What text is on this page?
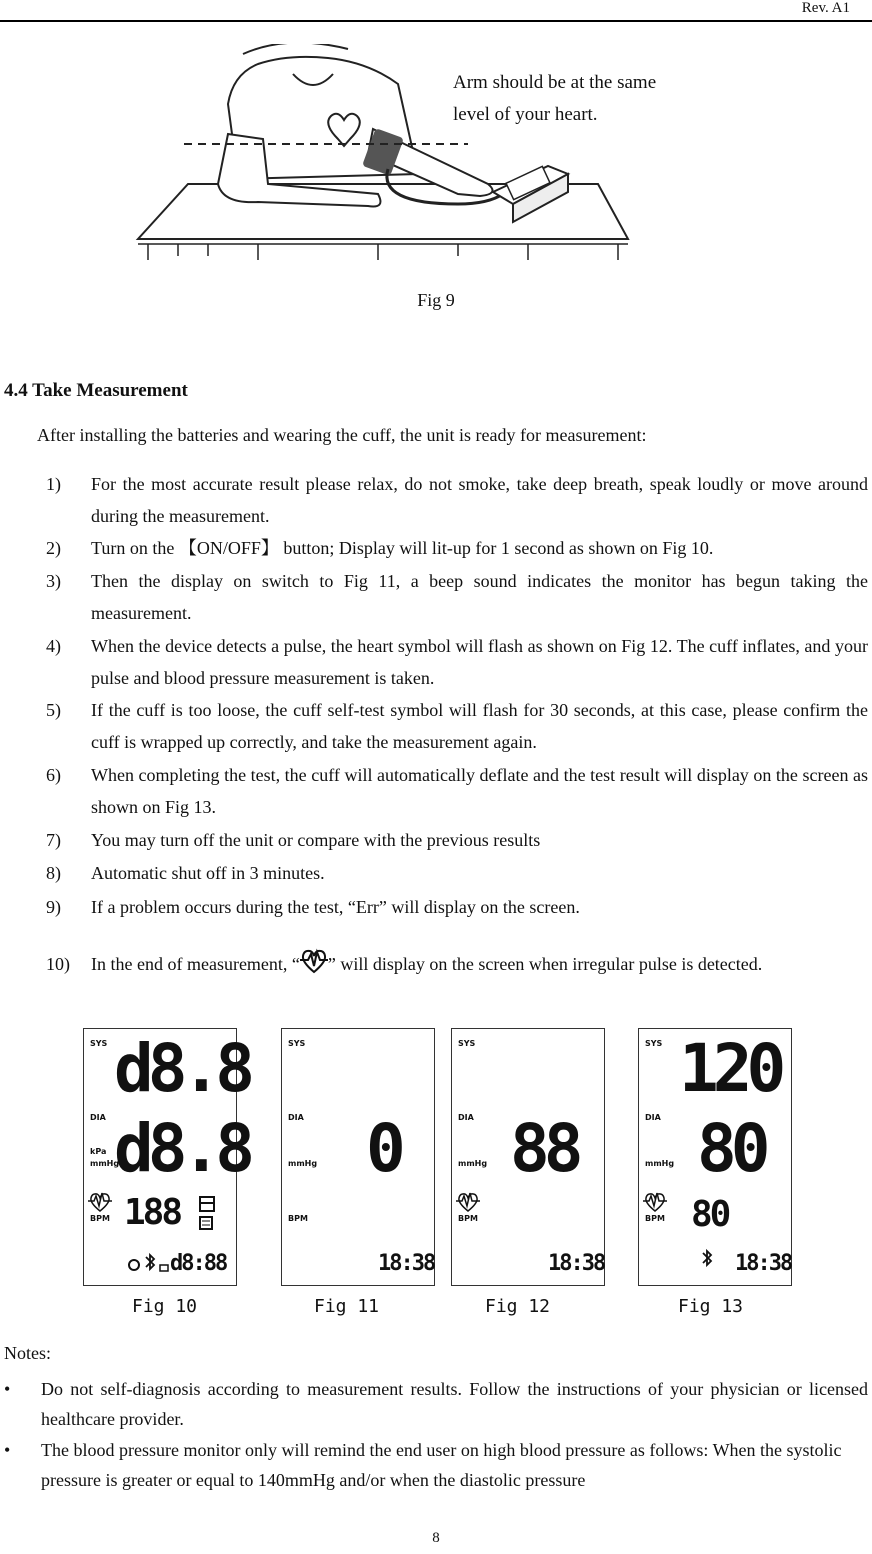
Rev. A1
Arm should be at the same
level of your heart.
Fig 9
4.4 Take Measurement
After installing the batteries and wearing the cuff, the unit is ready for measurement:
1)	For the most accurate result please relax, do not smoke, take deep breath, speak loudly or move around during the measurement.
2)	Turn on the 【ON/OFF】 button; Display will lit-up for 1 second as shown on Fig 10.
3)	Then the display on switch to Fig 11, a beep sound indicates the monitor has begun taking the measurement.
4)	When the device detects a pulse, the heart symbol will flash as shown on Fig 12. The cuff inflates, and your pulse and blood pressure measurement is taken.
5)	If the cuff is too loose, the cuff self-test symbol will flash for 30 seconds, at this case, please confirm the cuff is wrapped up correctly, and take the measurement again.
6)	When completing the test, the cuff will automatically deflate and the test result will display on the screen as shown on Fig 13.
7)	You may turn off the unit or compare with the previous results
8)	Automatic shut off in 3 minutes.
9)	If a problem occurs during the test, “Err” will display on the screen.
10)	In the end of measurement, “ ” will display on the screen when irregular pulse is detected.
SYS
DIA
kPa
mmHg
BPM
d8.8
d8.8
188
d8:88
SYS
DIA
mmHg
BPM
0
18:38
SYS
DIA
mmHg
BPM
88
18:38
SYS
DIA
mmHg
BPM
120
80
80
18:38
Fig 10	Fig 11	Fig 12	Fig 13
Notes:
•	Do not self-diagnosis according to measurement results. Follow the instructions of your physician or licensed healthcare provider.
•	The blood pressure monitor only will remind the end user on high blood pressure as follows: When the systolic pressure is greater or equal to 140mmHg and/or when the diastolic pressure
8
